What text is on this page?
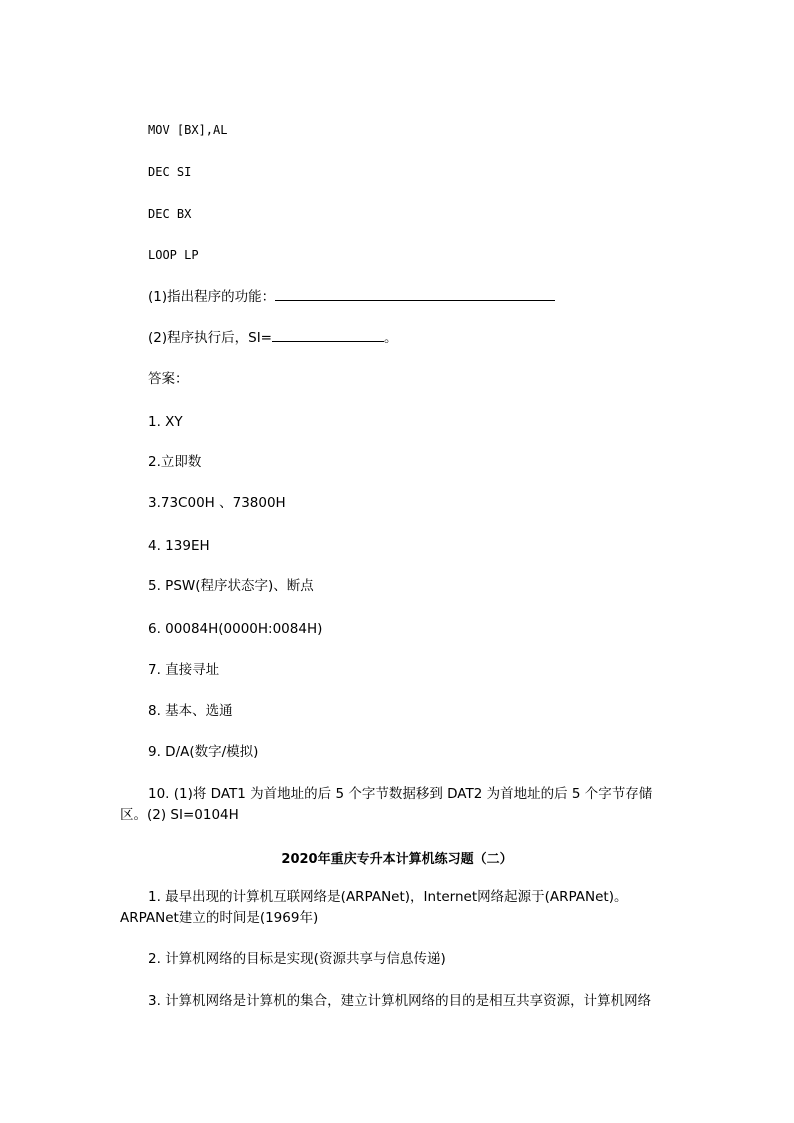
MOV [BX],AL
DEC SI
DEC BX
LOOP LP
(1)指出程序的功能：
(2)程序执行后，SI=	。
答案：
1. XY
2.立即数
3.73C00H 、73800H
4. 139EH
5. PSW(程序状态字)、断点
6. 00084H(0000H:0084H)
7. 直接寻址
8. 基本、选通
9. D/A(数字/模拟)
10. (1)将 DAT1 为首地址的后 5 个字节数据移到 DAT2 为首地址的后 5 个字节存储
区。(2) SI=0104H
2020年重庆专升本计算机练习题（二）
1. 最早出现的计算机互联网络是(ARPANet)，Internet网络起源于(ARPANet)。
ARPANet建立的时间是(1969年)
2. 计算机网络的目标是实现(资源共享与信息传递)
3. 计算机网络是计算机的集合，建立计算机网络的目的是相互共享资源，计算机网络
